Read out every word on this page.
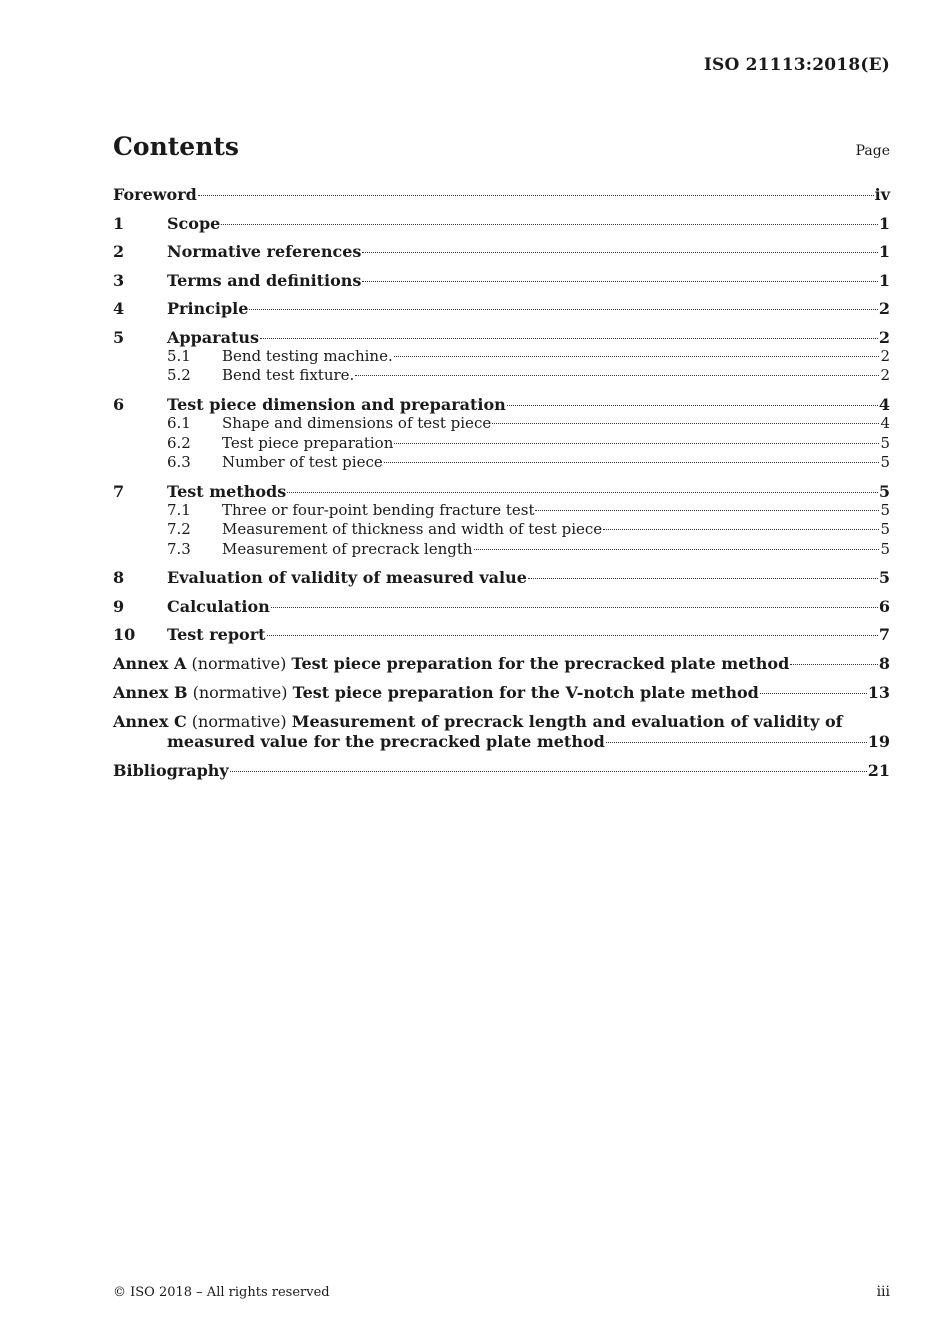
ISO 21113:2018(E)
Contents	Page
Foreword	iv
1	Scope	1
2	Normative references	1
3	Terms and definitions	1
4	Principle	2
5	Apparatus	2
5.1	Bend testing machine.	2
5.2	Bend test fixture.	2
6	Test piece dimension and preparation	4
6.1	Shape and dimensions of test piece	4
6.2	Test piece preparation	5
6.3	Number of test piece	5
7	Test methods	5
7.1	Three or four-point bending fracture test	5
7.2	Measurement of thickness and width of test piece	5
7.3	Measurement of precrack length	5
8	Evaluation of validity of measured value	5
9	Calculation	6
10	Test report	7
Annex A (normative) Test piece preparation for the precracked plate method	8
Annex B (normative) Test piece preparation for the V-notch plate method	13
Annex C (normative) Measurement of precrack length and evaluation of validity of
measured value for the precracked plate method	19
Bibliography	21
© ISO 2018 – All rights reserved	iii
